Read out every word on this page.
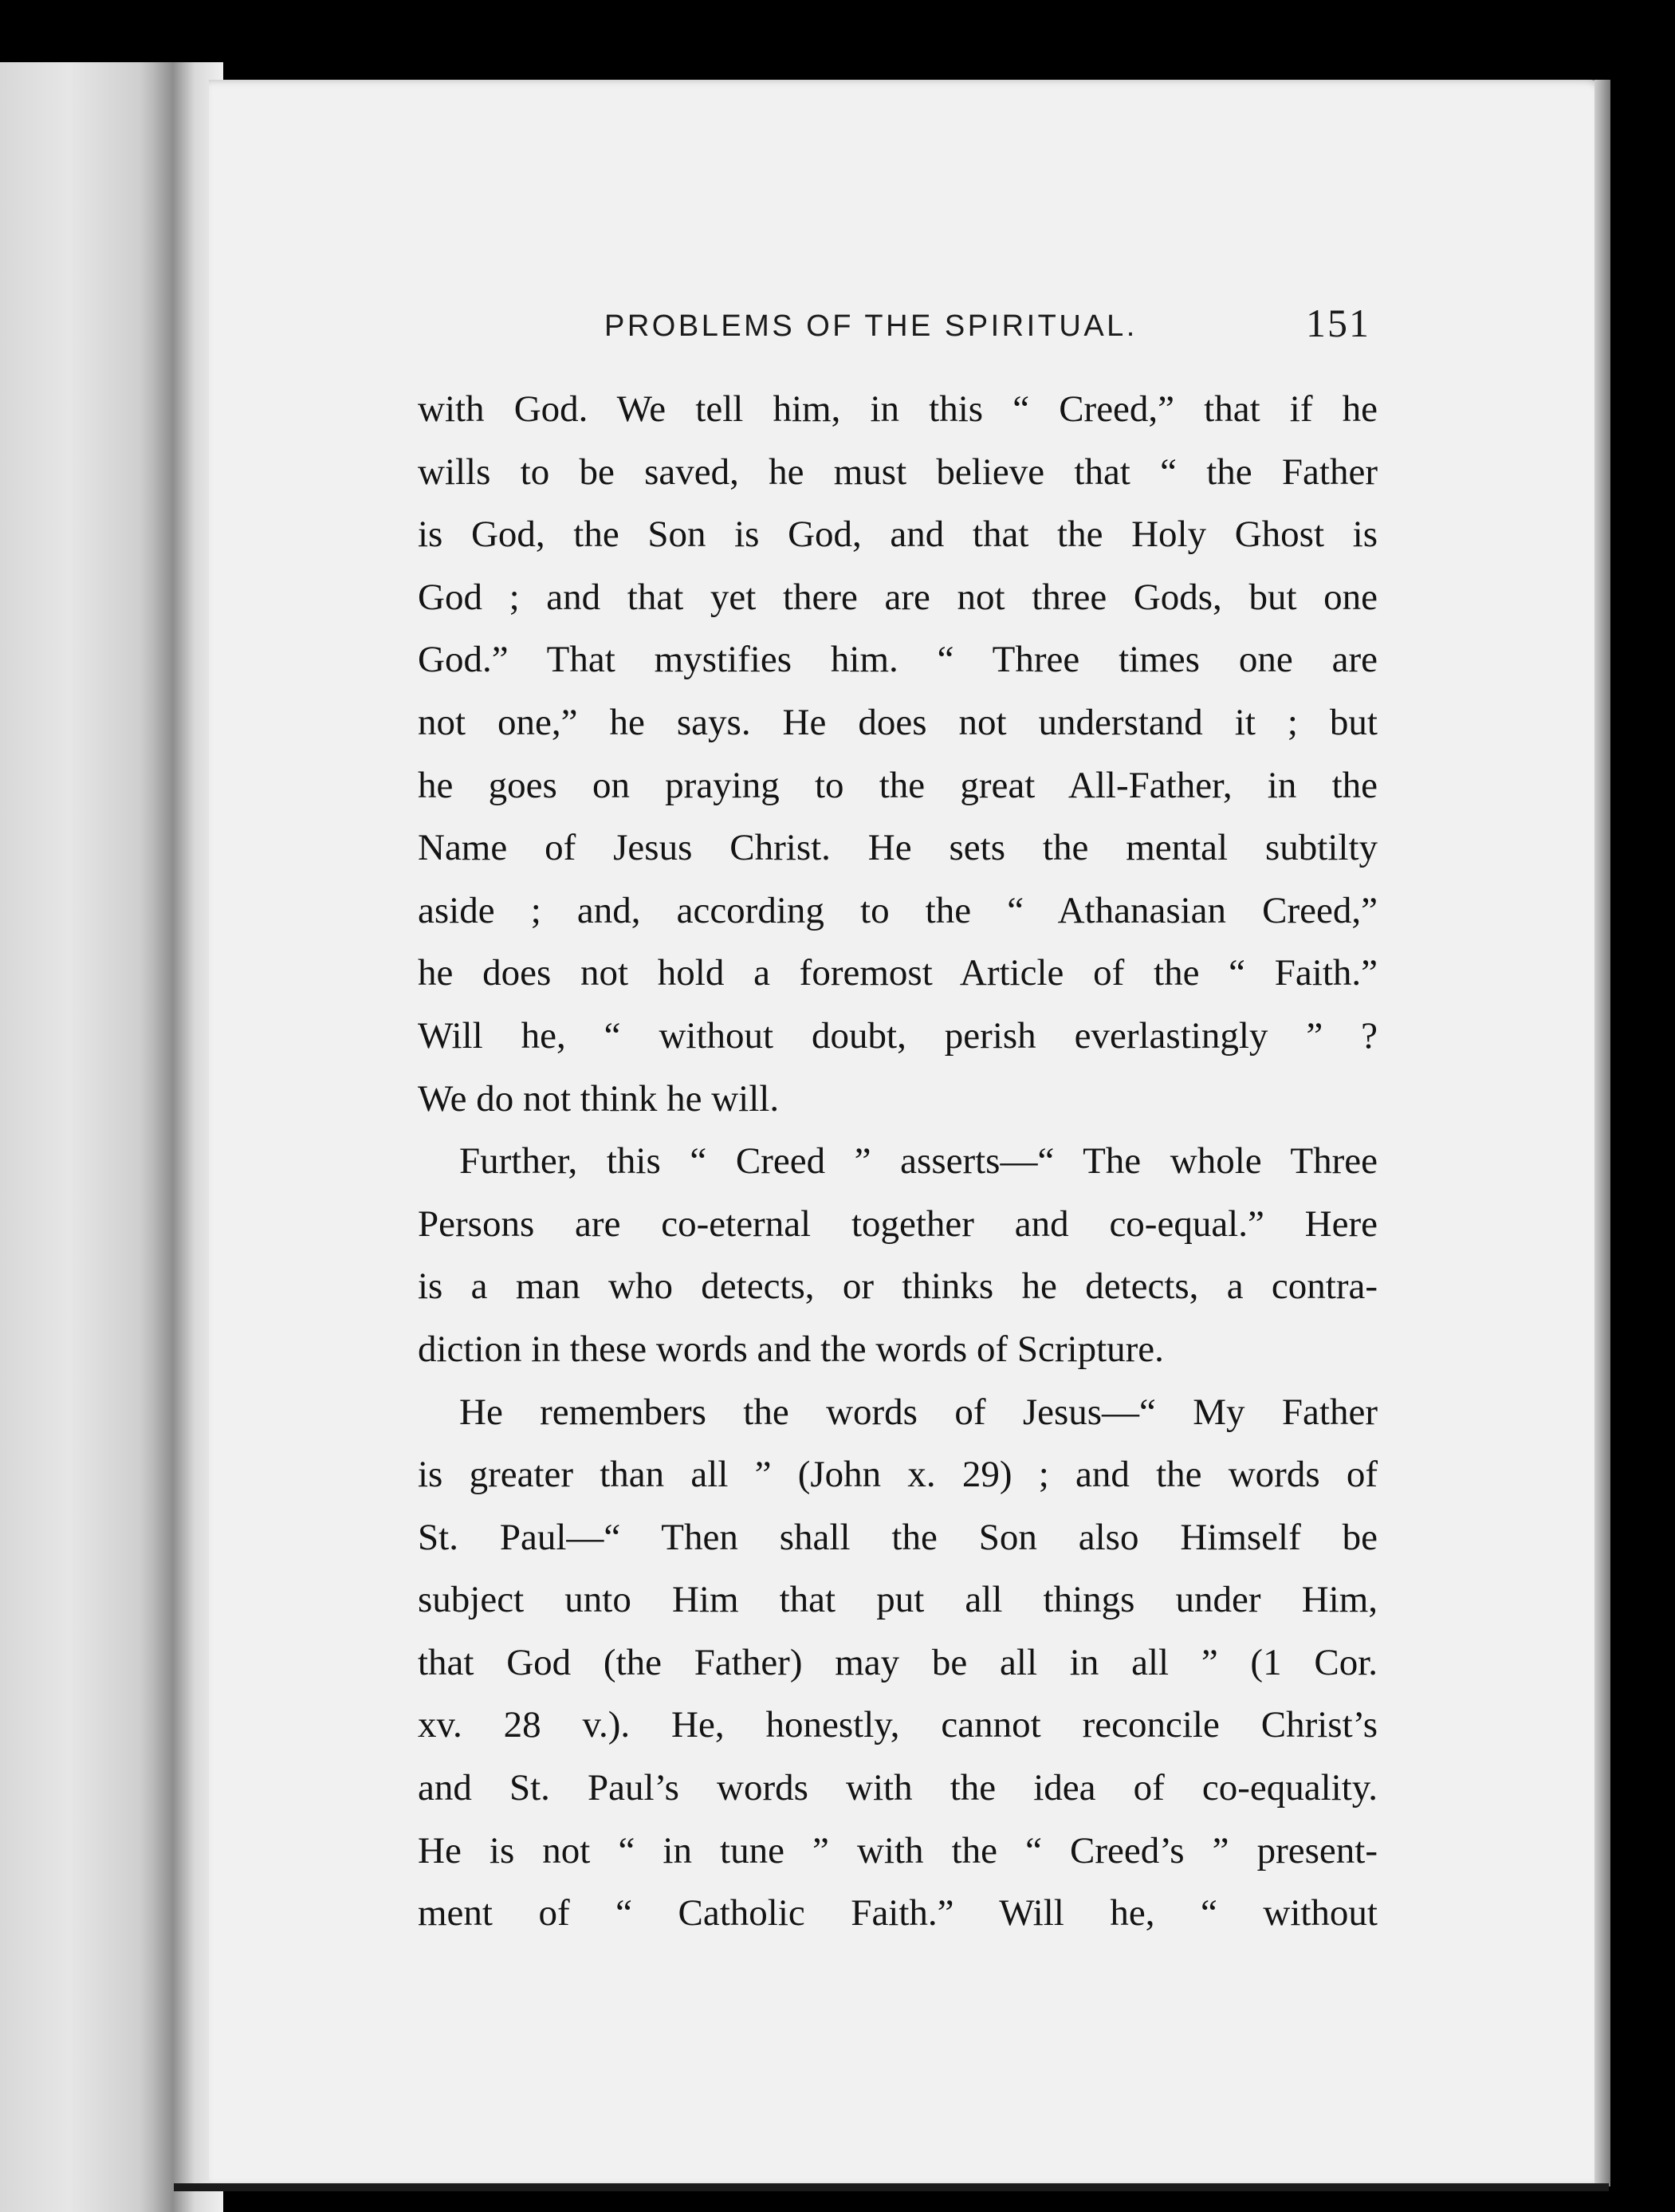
PROBLEMS OF THE SPIRITUAL.	151
with God. We tell him, in this “ Creed,” that if he
wills to be saved, he must believe that “ the Father
is God, the Son is God, and that the Holy Ghost is
God ; and that yet there are not three Gods, but one
God.” That mystifies him. “ Three times one are
not one,” he says. He does not understand it ; but
he goes on praying to the great All-Father, in the
Name of Jesus Christ. He sets the mental subtilty
aside ; and, according to the “ Athanasian Creed,”
he does not hold a foremost Article of the “ Faith.”
Will he, “ without doubt, perish everlastingly ” ?
We do not think he will.
Further, this “ Creed ” asserts—“ The whole Three
Persons are co-eternal together and co-equal.” Here
is a man who detects, or thinks he detects, a contra-
diction in these words and the words of Scripture.
He remembers the words of Jesus—“ My Father
is greater than all ” (John x. 29) ; and the words of
St. Paul—“ Then shall the Son also Himself be
subject unto Him that put all things under Him,
that God (the Father) may be all in all ” (1 Cor.
xv. 28 v.). He, honestly, cannot reconcile Christ’s
and St. Paul’s words with the idea of co-equality.
He is not “ in tune ” with the “ Creed’s ” present-
ment of “ Catholic Faith.” Will he, “ without
